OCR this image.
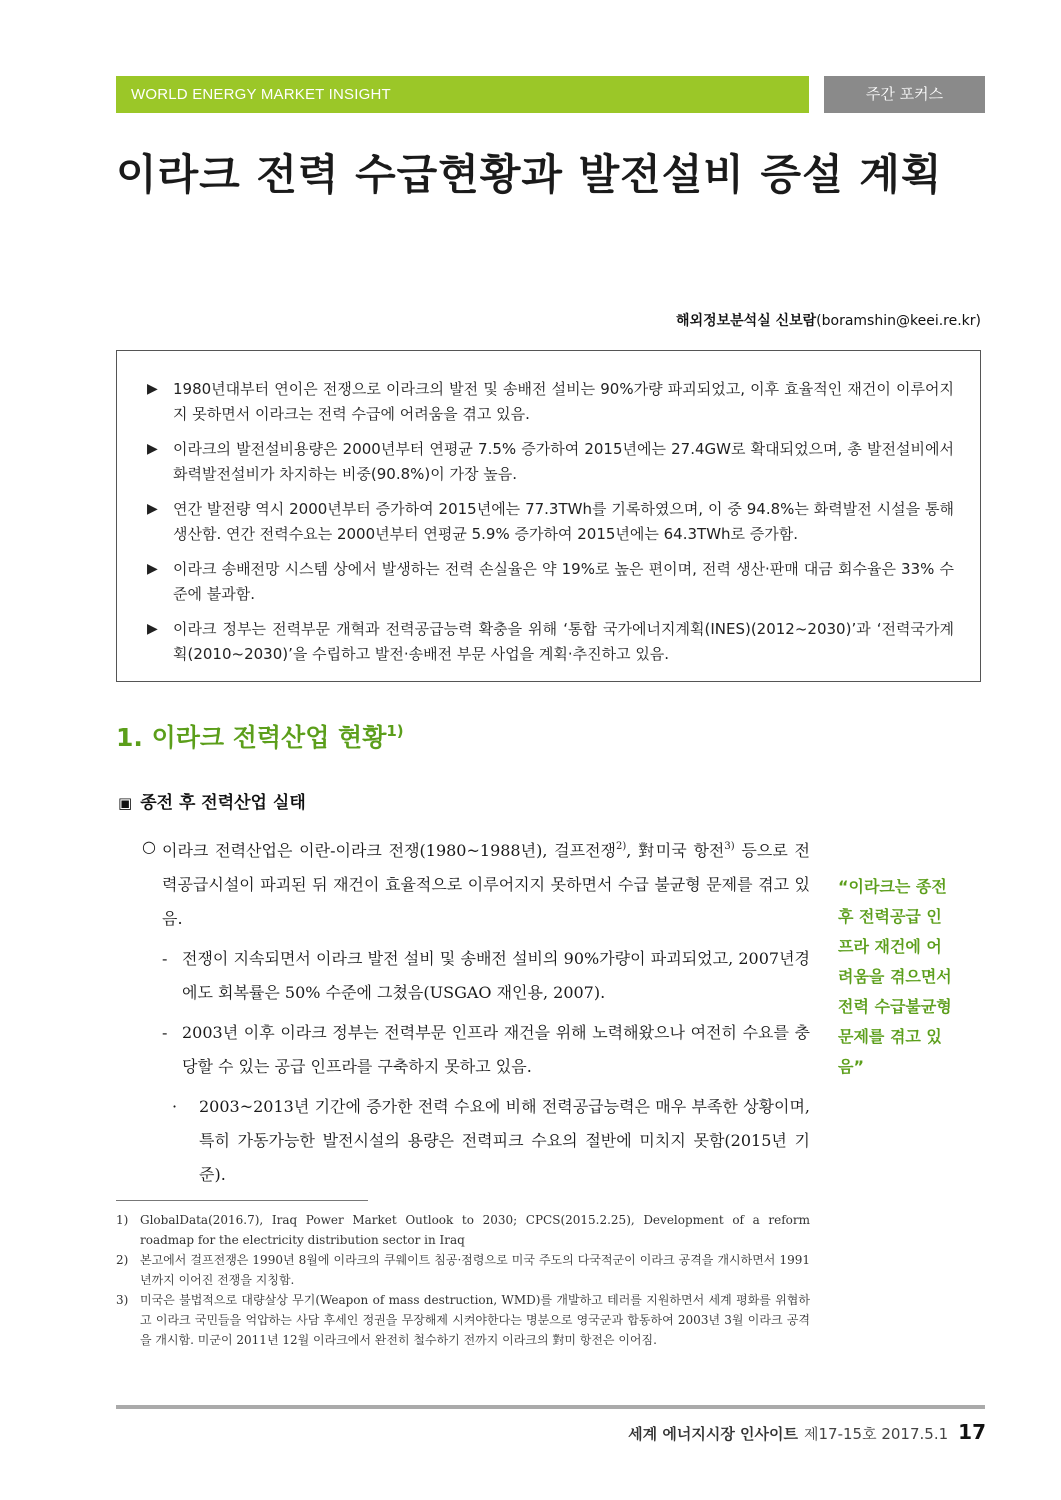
WORLD ENERGY MARKET INSIGHT	주간 포커스
이라크 전력 수급현황과 발전설비 증설 계획
해외정보분석실 신보람(boramshin@keei.re.kr)
▶ 1980년대부터 연이은 전쟁으로 이라크의 발전 및 송배전 설비는 90%가량 파괴되었고, 이후 효율적인 재건이 이루어지지 못하면서 이라크는 전력 수급에 어려움을 겪고 있음.
▶ 이라크의 발전설비용량은 2000년부터 연평균 7.5% 증가하여 2015년에는 27.4GW로 확대되었으며, 총 발전설비에서 화력발전설비가 차지하는 비중(90.8%)이 가장 높음.
▶ 연간 발전량 역시 2000년부터 증가하여 2015년에는 77.3TWh를 기록하였으며, 이 중 94.8%는 화력발전 시설을 통해 생산함. 연간 전력수요는 2000년부터 연평균 5.9% 증가하여 2015년에는 64.3TWh로 증가함.
▶ 이라크 송배전망 시스템 상에서 발생하는 전력 손실율은 약 19%로 높은 편이며, 전력 생산·판매 대금 회수율은 33% 수준에 불과함.
▶ 이라크 정부는 전력부문 개혁과 전력공급능력 확충을 위해 ‘통합 국가에너지계획(INES)(2012~2030)’과 ‘전력국가계획(2010~2030)’을 수립하고 발전·송배전 부문 사업을 계획·추진하고 있음.
1. 이라크 전력산업 현황$^{1)}$
▣ 종전 후 전력산업 실태
○ 이라크 전력산업은 이란-이라크 전쟁(1980~1988년), 걸프전쟁$^{2)}$, 對미국 항전$^{3)}$ 등으로 전력공급시설이 파괴된 뒤 재건이 효율적으로 이루어지지 못하면서 수급 불균형 문제를 겪고 있음.
- 전쟁이 지속되면서 이라크 발전 설비 및 송배전 설비의 90%가량이 파괴되었고, 2007년경에도 회복률은 50% 수준에 그쳤음(USGAO 재인용, 2007).
- 2003년 이후 이라크 정부는 전력부문 인프라 재건을 위해 노력해왔으나 여전히 수요를 충당할 수 있는 공급 인프라를 구축하지 못하고 있음.
· 2003~2013년 기간에 증가한 전력 수요에 비해 전력공급능력은 매우 부족한 상황이며, 특히 가동가능한 발전시설의 용량은 전력피크 수요의 절반에 미치지 못함(2015년 기준).
“이라크는 종전 후 전력공급 인프라 재건에 어려움을 겪으면서 전력 수급불균형 문제를 겪고 있음”
1) GlobalData(2016.7), Iraq Power Market Outlook to 2030; CPCS(2015.2.25), Development of a reform roadmap for the electricity distribution sector in Iraq
2) 본고에서 걸프전쟁은 1990년 8월에 이라크의 쿠웨이트 침공·점령으로 미국 주도의 다국적군이 이라크 공격을 개시하면서 1991년까지 이어진 전쟁을 지칭함.
3) 미국은 불법적으로 대량살상 무기(Weapon of mass destruction, WMD)를 개발하고 테러를 지원하면서 세계 평화를 위협하고 이라크 국민들을 억압하는 사담 후세인 정권을 무장해제 시켜야한다는 명분으로 영국군과 합동하여 2003년 3월 이라크 공격을 개시함. 미군이 2011년 12월 이라크에서 완전히 철수하기 전까지 이라크의 對미 항전은 이어짐.
세계 에너지시장 인사이트 제17-15호 2017.5.1 17
